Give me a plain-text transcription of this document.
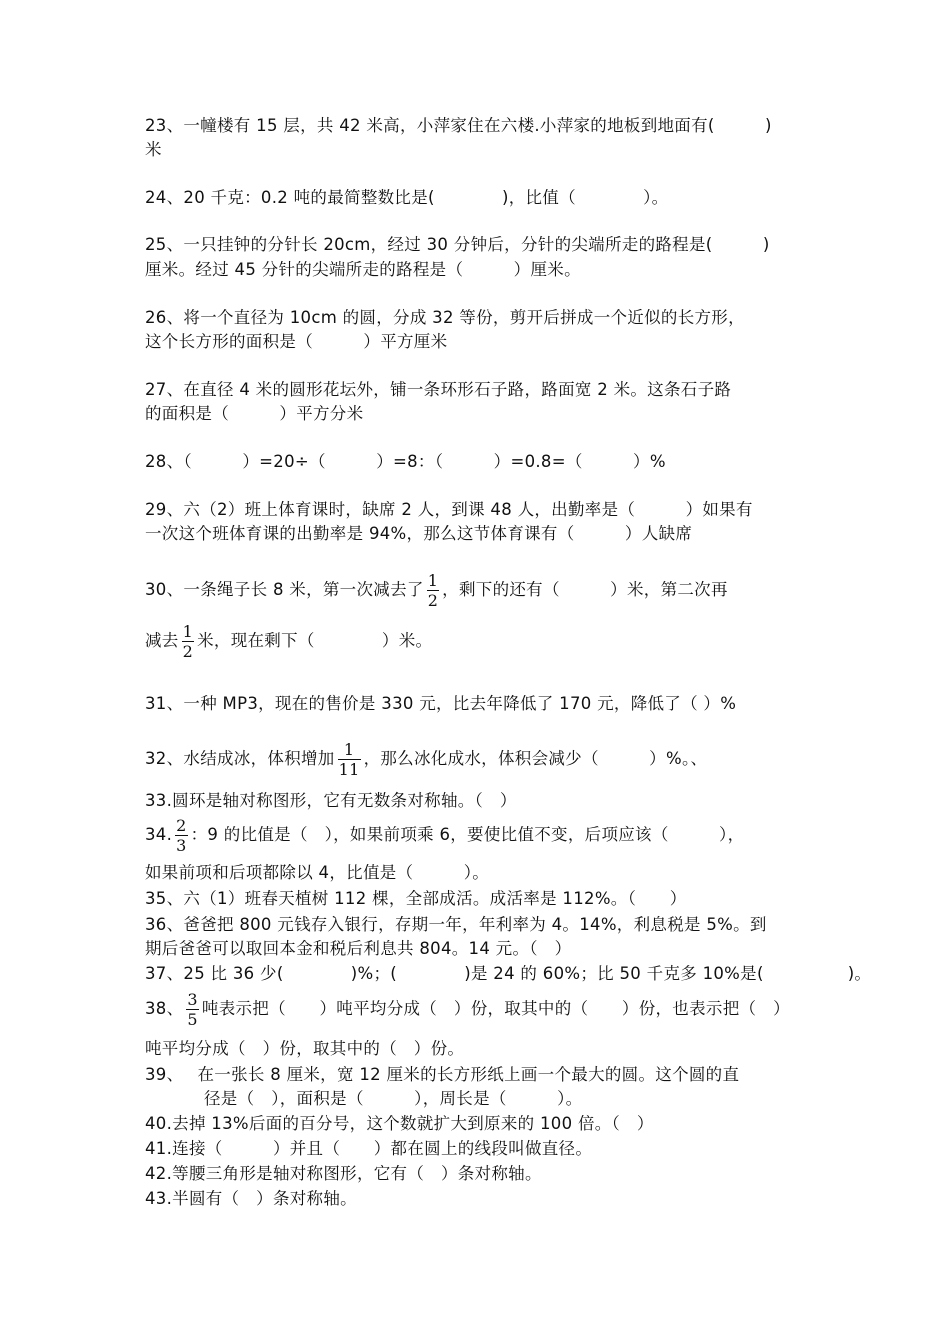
23、一幢楼有 15 层，共 42 米高，小萍家住在六楼.小萍家的地板到地面有(　　　)
米
24、20 千克：0.2 吨的最简整数比是(　　　　)，比值（　　　　）。
25、一只挂钟的分针长 20cm，经过 30 分钟后，分针的尖端所走的路程是(　　　)
厘米。经过 45 分针的尖端所走的路程是（　　　）厘米。
26、将一个直径为 10cm 的圆，分成 32 等份，剪开后拼成一个近似的长方形，
这个长方形的面积是（　　　）平方厘米
27、在直径 4 米的圆形花坛外，铺一条环形石子路，路面宽 2 米。这条石子路
的面积是（　　　）平方分米
28、（　　　）=20÷（　　　）=8：（　　　）=0.8=（　　　）%
29、六（2）班上体育课时，缺席 2 人，到课 48 人，出勤率是（　　　）如果有
一次这个班体育课的出勤率是 94%，那么这节体育课有（　　　）人缺席
30、一条绳子长 8 米，第一次减去了 $\frac{1}{2}$ ，剩下的还有（　　　）米，第二次再
减去 $\frac{1}{2}$ 米，现在剩下（　　　　）米。
31、一种 MP3，现在的售价是 330 元，比去年降低了 170 元，降低了（ ）%
32、水结成冰，体积增加 $\frac{1}{11}$ ，那么冰化成水，体积会减少（　　　）%。、
33.圆环是轴对称图形，它有无数条对称轴。（　）
34. $\frac{2}{3}$ ：9 的比值是（　），如果前项乘 6，要使比值不变，后项应该（　　　），
如果前项和后项都除以 4，比值是（　　　）。
35、六（1）班春天植树 112 棵，全部成活。成活率是 112%。（　　）
36、爸爸把 800 元钱存入银行，存期一年，年利率为 4。14%，利息税是 5%。到
期后爸爸可以取回本金和税后利息共 804。14 元。（　）
37、25 比 36 少(　　　　)%；(　　　　)是 24 的 60%；比 50 千克多 10%是(　　　　　)。
38、 $\frac{3}{5}$ 吨表示把（　　）吨平均分成（　）份，取其中的（　　）份，也表示把（　）
吨平均分成（　）份，取其中的（　）份。
39、　 在一张长 8 厘米，宽 12 厘米的长方形纸上画一个最大的圆。这个圆的直
径是（　），面积是（　　　），周长是（　　　）。
40.去掉 13%后面的百分号，这个数就扩大到原来的 100 倍。（　）
41.连接（　　　）并且（　　）都在圆上的线段叫做直径。
42.等腰三角形是轴对称图形，它有（　）条对称轴。
43.半圆有（　）条对称轴。
